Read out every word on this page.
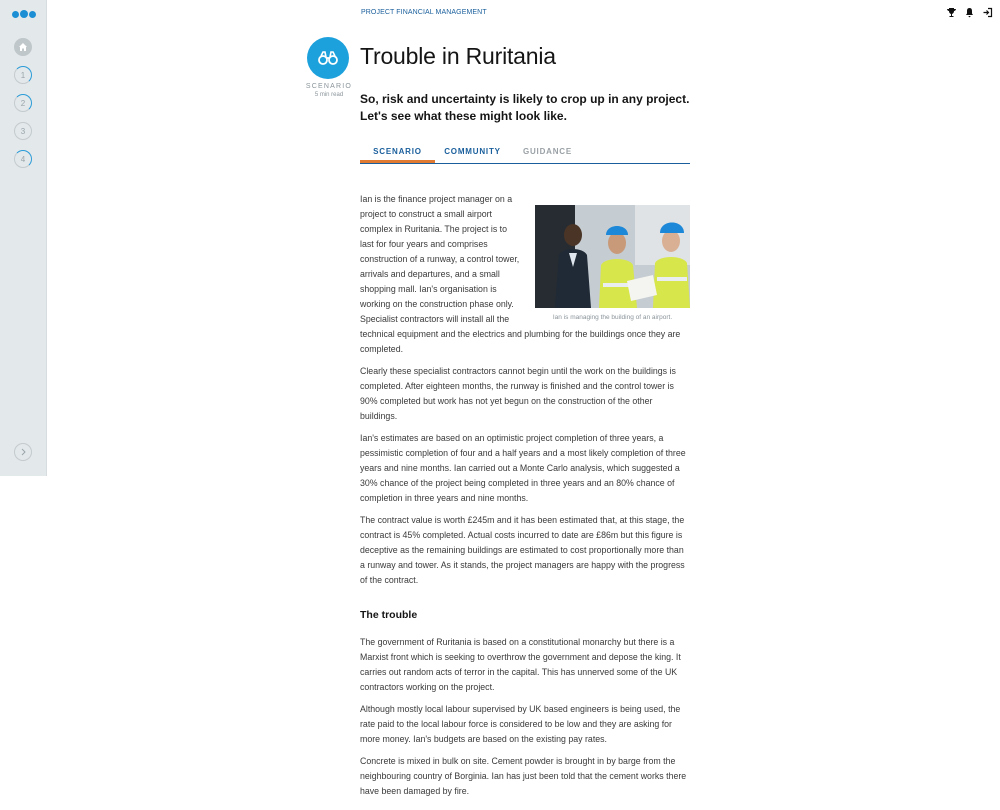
1
2
3
4
PROJECT FINANCIAL MANAGEMENT
SCENARIO
5 min read
Trouble in Ruritania
So, risk and uncertainty is likely to crop up in any project. Let's see what these might look like.
SCENARIO	COMMUNITY	GUIDANCE
Ian is managing the building of an airport.

Ian is the finance project manager on a project to construct a small airport complex in Ruritania. The project is to last for four years and comprises construction of a runway, a control tower, arrivals and departures, and a small shopping mall. Ian's organisation is working on the construction phase only. Specialist contractors will install all the technical equipment and the electrics and plumbing for the buildings once they are completed.

Clearly these specialist contractors cannot begin until the work on the buildings is completed. After eighteen months, the runway is finished and the control tower is 90% completed but work has not yet begun on the construction of the other buildings.

Ian's estimates are based on an optimistic project completion of three years, a pessimistic completion of four and a half years and a most likely completion of three years and nine months. Ian carried out a Monte Carlo analysis, which suggested a 30% chance of the project being completed in three years and an 80% chance of completion in three years and nine months.

The contract value is worth £245m and it has been estimated that, at this stage, the contract is 45% completed. Actual costs incurred to date are £86m but this figure is deceptive as the remaining buildings are estimated to cost proportionally more than a runway and tower. As it stands, the project managers are happy with the progress of the contract.

The trouble

The government of Ruritania is based on a constitutional monarchy but there is a Marxist front which is seeking to overthrow the government and depose the king. It carries out random acts of terror in the capital. This has unnerved some of the UK contractors working on the project.

Although mostly local labour supervised by UK based engineers is being used, the rate paid to the local labour force is considered to be low and they are asking for more money. Ian's budgets are based on the existing pay rates.

Concrete is mixed in bulk on site. Cement powder is brought in by barge from the neighbouring country of Borginia. Ian has just been told that the cement works there have been damaged by fire.
